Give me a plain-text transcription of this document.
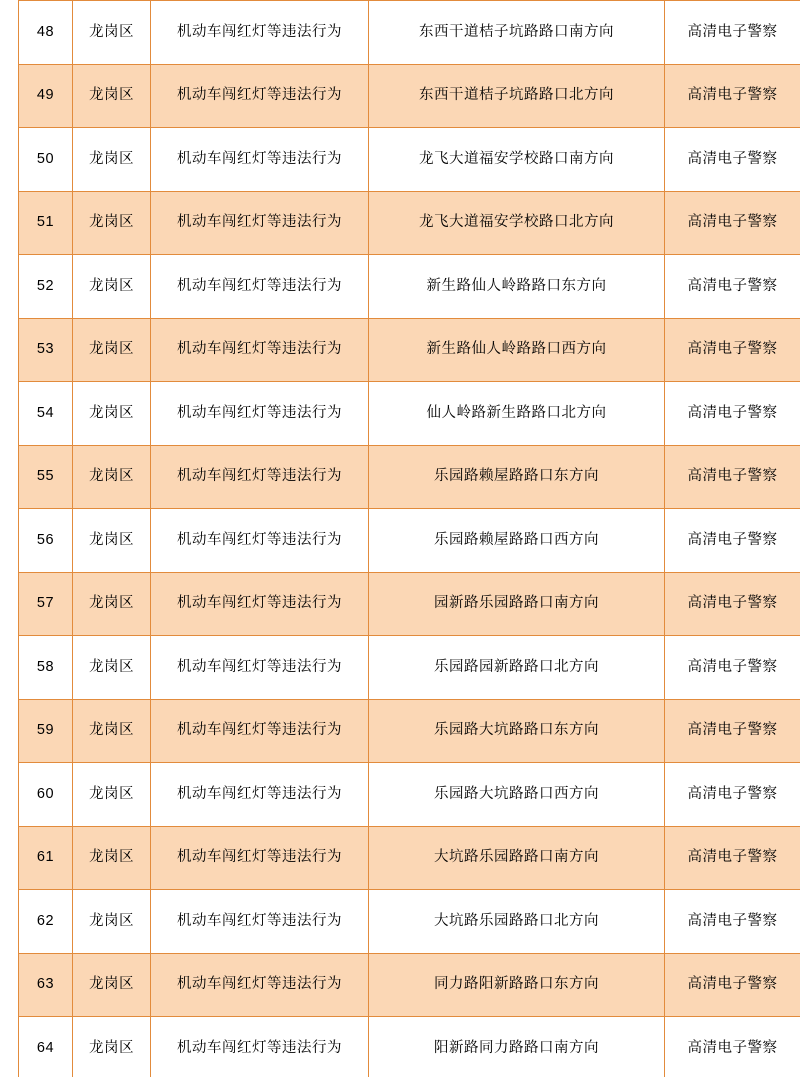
48	龙岗区	机动车闯红灯等违法行为	东西干道桔子坑路路口南方向	高清电子警察
49	龙岗区	机动车闯红灯等违法行为	东西干道桔子坑路路口北方向	高清电子警察
50	龙岗区	机动车闯红灯等违法行为	龙飞大道福安学校路口南方向	高清电子警察
51	龙岗区	机动车闯红灯等违法行为	龙飞大道福安学校路口北方向	高清电子警察
52	龙岗区	机动车闯红灯等违法行为	新生路仙人岭路路口东方向	高清电子警察
53	龙岗区	机动车闯红灯等违法行为	新生路仙人岭路路口西方向	高清电子警察
54	龙岗区	机动车闯红灯等违法行为	仙人岭路新生路路口北方向	高清电子警察
55	龙岗区	机动车闯红灯等违法行为	乐园路赖屋路路口东方向	高清电子警察
56	龙岗区	机动车闯红灯等违法行为	乐园路赖屋路路口西方向	高清电子警察
57	龙岗区	机动车闯红灯等违法行为	园新路乐园路路口南方向	高清电子警察
58	龙岗区	机动车闯红灯等违法行为	乐园路园新路路口北方向	高清电子警察
59	龙岗区	机动车闯红灯等违法行为	乐园路大坑路路口东方向	高清电子警察
60	龙岗区	机动车闯红灯等违法行为	乐园路大坑路路口西方向	高清电子警察
61	龙岗区	机动车闯红灯等违法行为	大坑路乐园路路口南方向	高清电子警察
62	龙岗区	机动车闯红灯等违法行为	大坑路乐园路路口北方向	高清电子警察
63	龙岗区	机动车闯红灯等违法行为	同力路阳新路路口东方向	高清电子警察
64	龙岗区	机动车闯红灯等违法行为	阳新路同力路路口南方向	高清电子警察
